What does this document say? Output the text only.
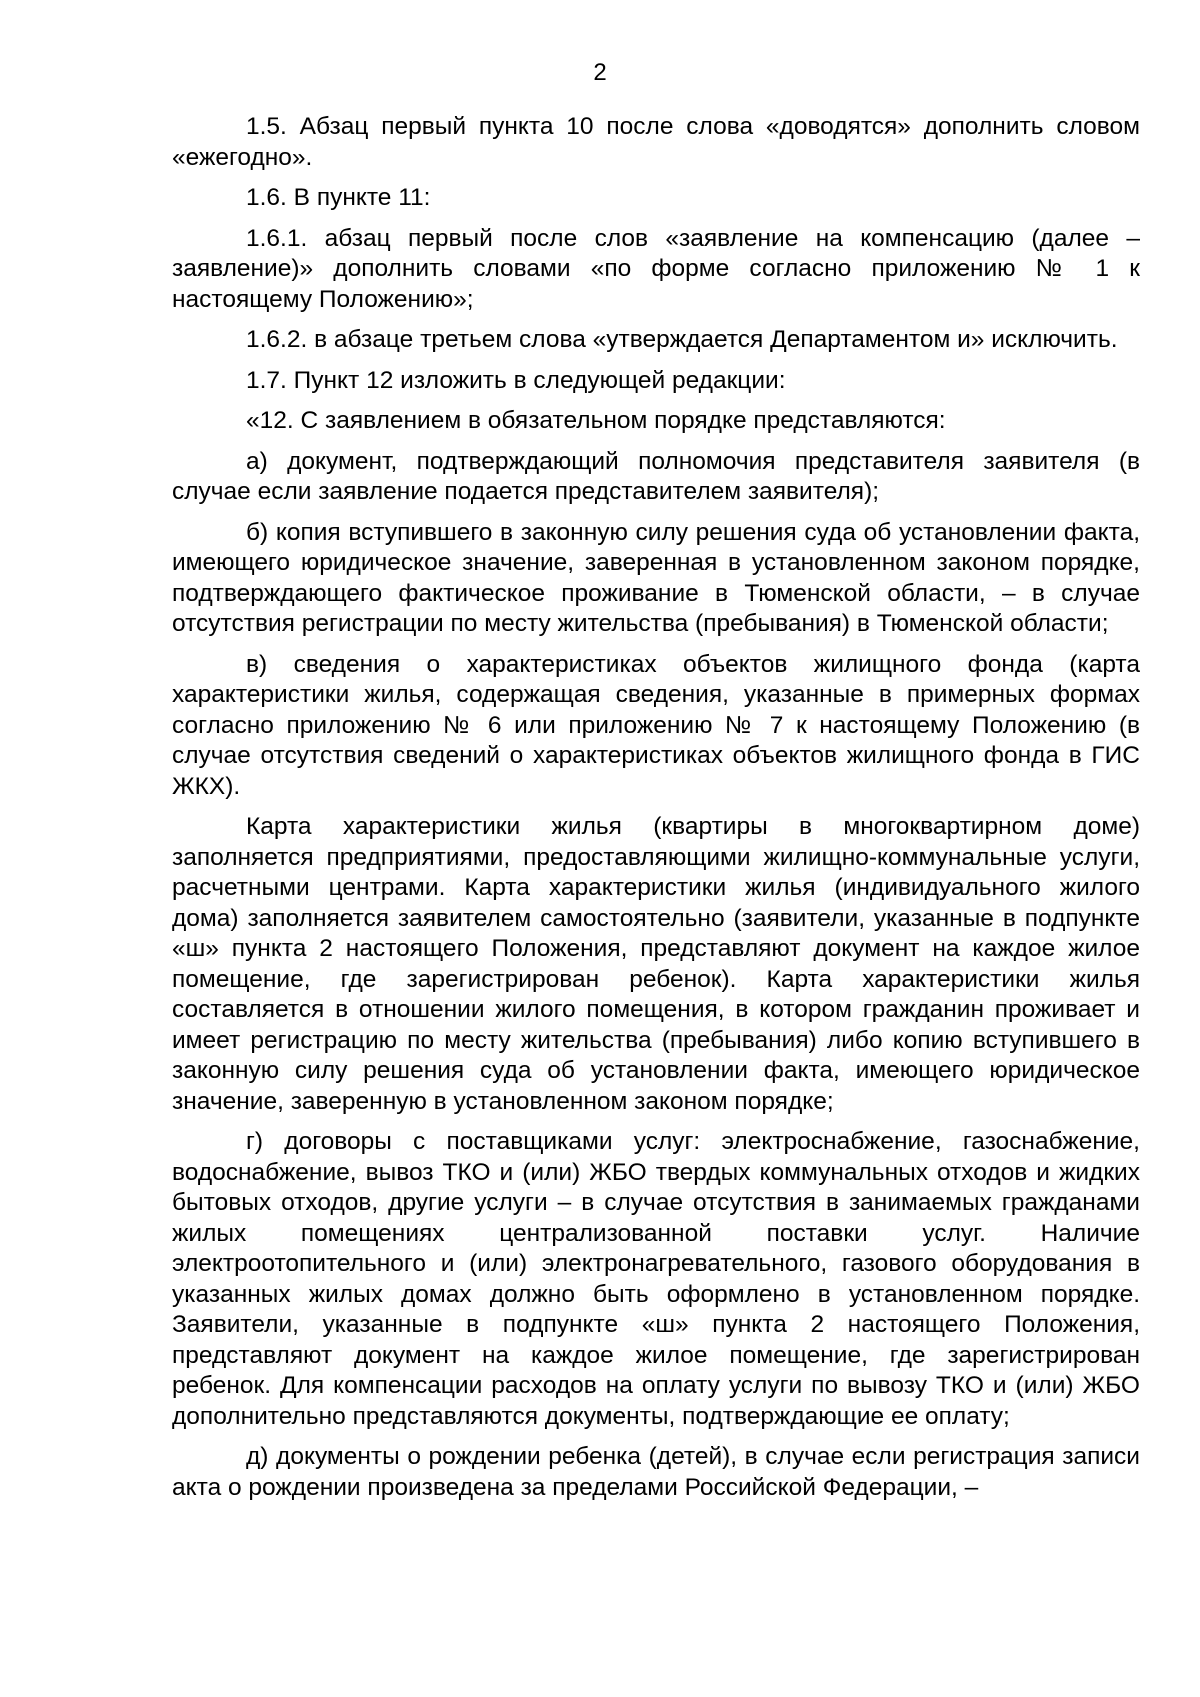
2

1.5. Абзац первый пункта 10 после слова «доводятся» дополнить словом «ежегодно».

1.6. В пункте 11:

1.6.1. абзац первый после слов «заявление на компенсацию (далее – заявление)» дополнить словами «по форме согласно приложению № 1 к настоящему Положению»;

1.6.2. в абзаце третьем слова «утверждается Департаментом и» исключить.

1.7. Пункт 12 изложить в следующей редакции:

«12. С заявлением в обязательном порядке представляются:

а) документ, подтверждающий полномочия представителя заявителя (в случае если заявление подается представителем заявителя);

б) копия вступившего в законную силу решения суда об установлении факта, имеющего юридическое значение, заверенная в установленном законом порядке, подтверждающего фактическое проживание в Тюменской области, – в случае отсутствия регистрации по месту жительства (пребывания) в Тюменской области;

в) сведения о характеристиках объектов жилищного фонда (карта характеристики жилья, содержащая сведения, указанные в примерных формах согласно приложению № 6 или приложению № 7 к настоящему Положению (в случае отсутствия сведений о характеристиках объектов жилищного фонда в ГИС ЖКХ).

Карта характеристики жилья (квартиры в многоквартирном доме) заполняется предприятиями, предоставляющими жилищно-коммунальные услуги, расчетными центрами. Карта характеристики жилья (индивидуального жилого дома) заполняется заявителем самостоятельно (заявители, указанные в подпункте «ш» пункта 2 настоящего Положения, представляют документ на каждое жилое помещение, где зарегистрирован ребенок). Карта характеристики жилья составляется в отношении жилого помещения, в котором гражданин проживает и имеет регистрацию по месту жительства (пребывания) либо копию вступившего в законную силу решения суда об установлении факта, имеющего юридическое значение, заверенную в установленном законом порядке;

г) договоры с поставщиками услуг: электроснабжение, газоснабжение, водоснабжение, вывоз ТКО и (или) ЖБО твердых коммунальных отходов и жидких бытовых отходов, другие услуги – в случае отсутствия в занимаемых гражданами жилых помещениях централизованной поставки услуг. Наличие электроотопительного и (или) электронагревательного, газового оборудования в указанных жилых домах должно быть оформлено в установленном порядке. Заявители, указанные в подпункте «ш» пункта 2 настоящего Положения, представляют документ на каждое жилое помещение, где зарегистрирован ребенок. Для компенсации расходов на оплату услуги по вывозу ТКО и (или) ЖБО дополнительно представляются документы, подтверждающие ее оплату;

д) документы о рождении ребенка (детей), в случае если регистрация записи акта о рождении произведена за пределами Российской Федерации, –
